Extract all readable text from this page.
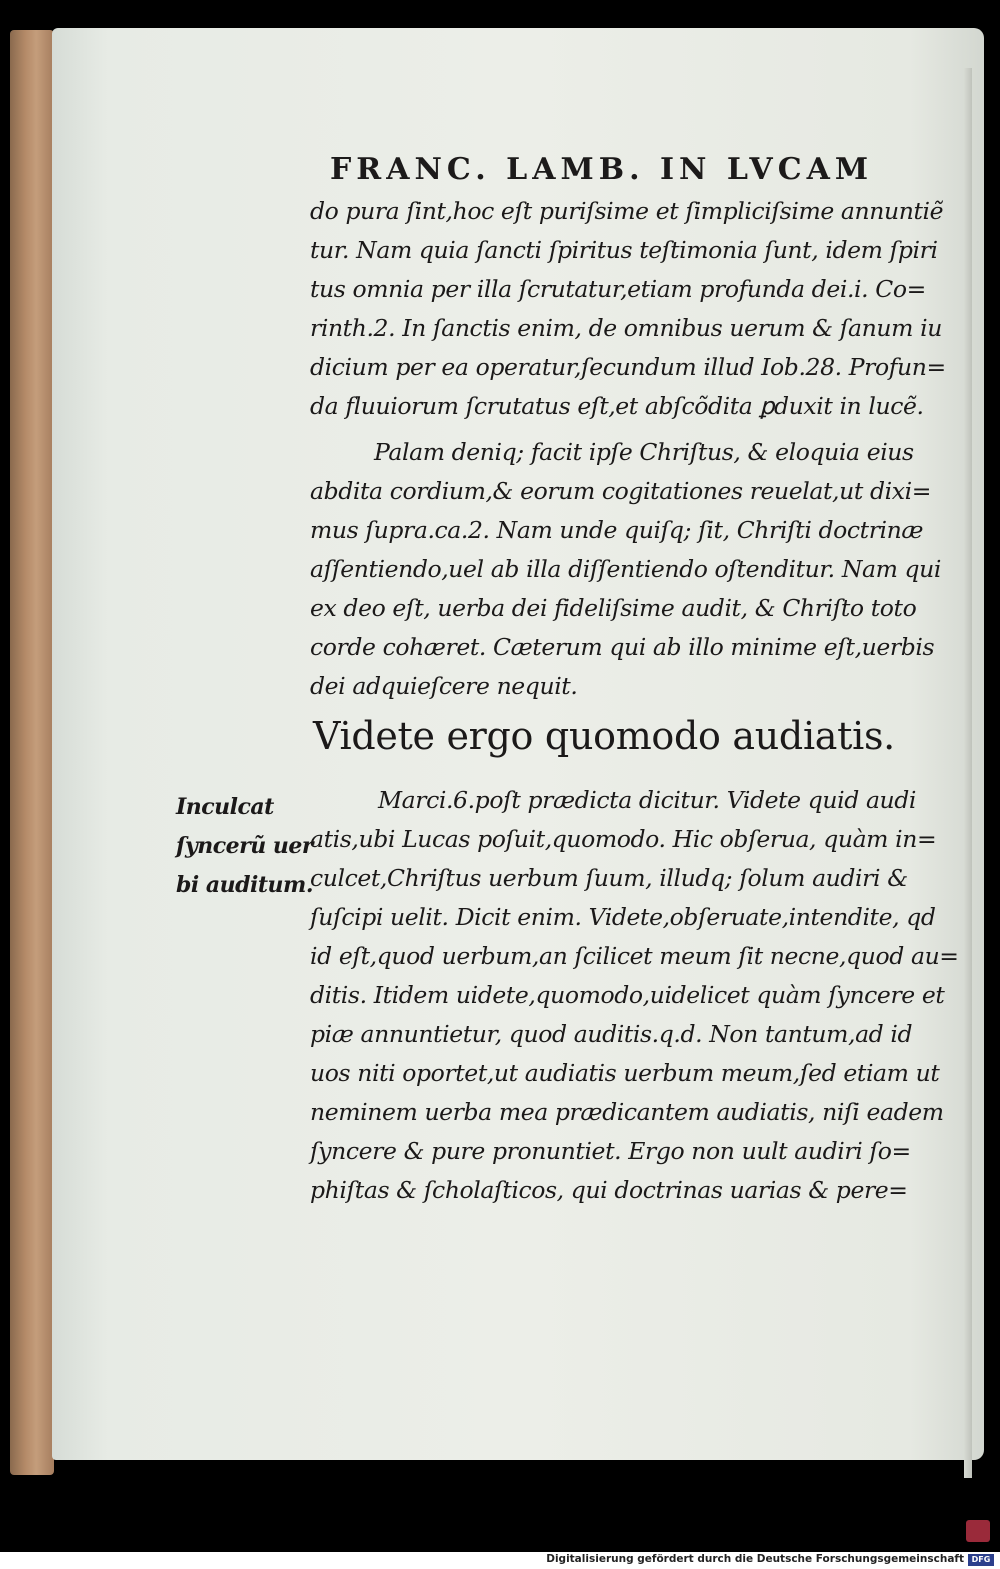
FRANC. LAMB. IN LVCAM
do pura ſint,hoc eſt puriſsime et ſimpliciſsime annuntiẽ
tur. Nam quia ſancti ſpiritus teſtimonia ſunt, idem ſpiri
tus omnia per illa ſcrutatur,etiam profunda dei.i. Co=
rinth.2. In ſanctis enim, de omnibus uerum & ſanum iu
dicium per ea operatur,ſecundum illud Iob.28. Profun=
da fluuiorum ſcrutatus eſt,et abſcõdita ꝑduxit in lucẽ.
Palam deniq; facit ipſe Chriſtus, & eloquia eius
abdita cordium,& eorum cogitationes reuelat,ut dixi=
mus ſupra.ca.2. Nam unde quiſq; ſit, Chriſti doctrinæ
aſſentiendo,uel ab illa diſſentiendo oſtenditur. Nam qui
ex deo eſt, uerba dei fideliſsime audit, & Chriſto toto
corde cohæret. Cæterum qui ab illo minime eſt,uerbis
dei adquieſcere nequit.
Videte ergo quomodo audiatis.
Inculcat
ſyncerũ uer
bi auditum.
Marci.6.poſt prædicta dicitur. Videte quid audi
atis,ubi Lucas poſuit,quomodo. Hic obſerua, quàm in=
culcet,Chriſtus uerbum ſuum, illudq; ſolum audiri &
ſuſcipi uelit. Dicit enim. Videte,obſeruate,intendite, qd
id eſt,quod uerbum,an ſcilicet meum ſit necne,quod au=
ditis. Itidem uidete,quomodo,uidelicet quàm ſyncere et
piæ annuntietur, quod auditis.q.d. Non tantum,ad id
uos niti oportet,ut audiatis uerbum meum,ſed etiam ut
neminem uerba mea prædicantem audiatis, niſi eadem
ſyncere & pure pronuntiet. Ergo non uult audiri ſo=
phiſtas & ſcholaſticos, qui doctrinas uarias & pere=
Digitalisierung gefördert durch die Deutsche Forschungsgemeinschaft DFG
